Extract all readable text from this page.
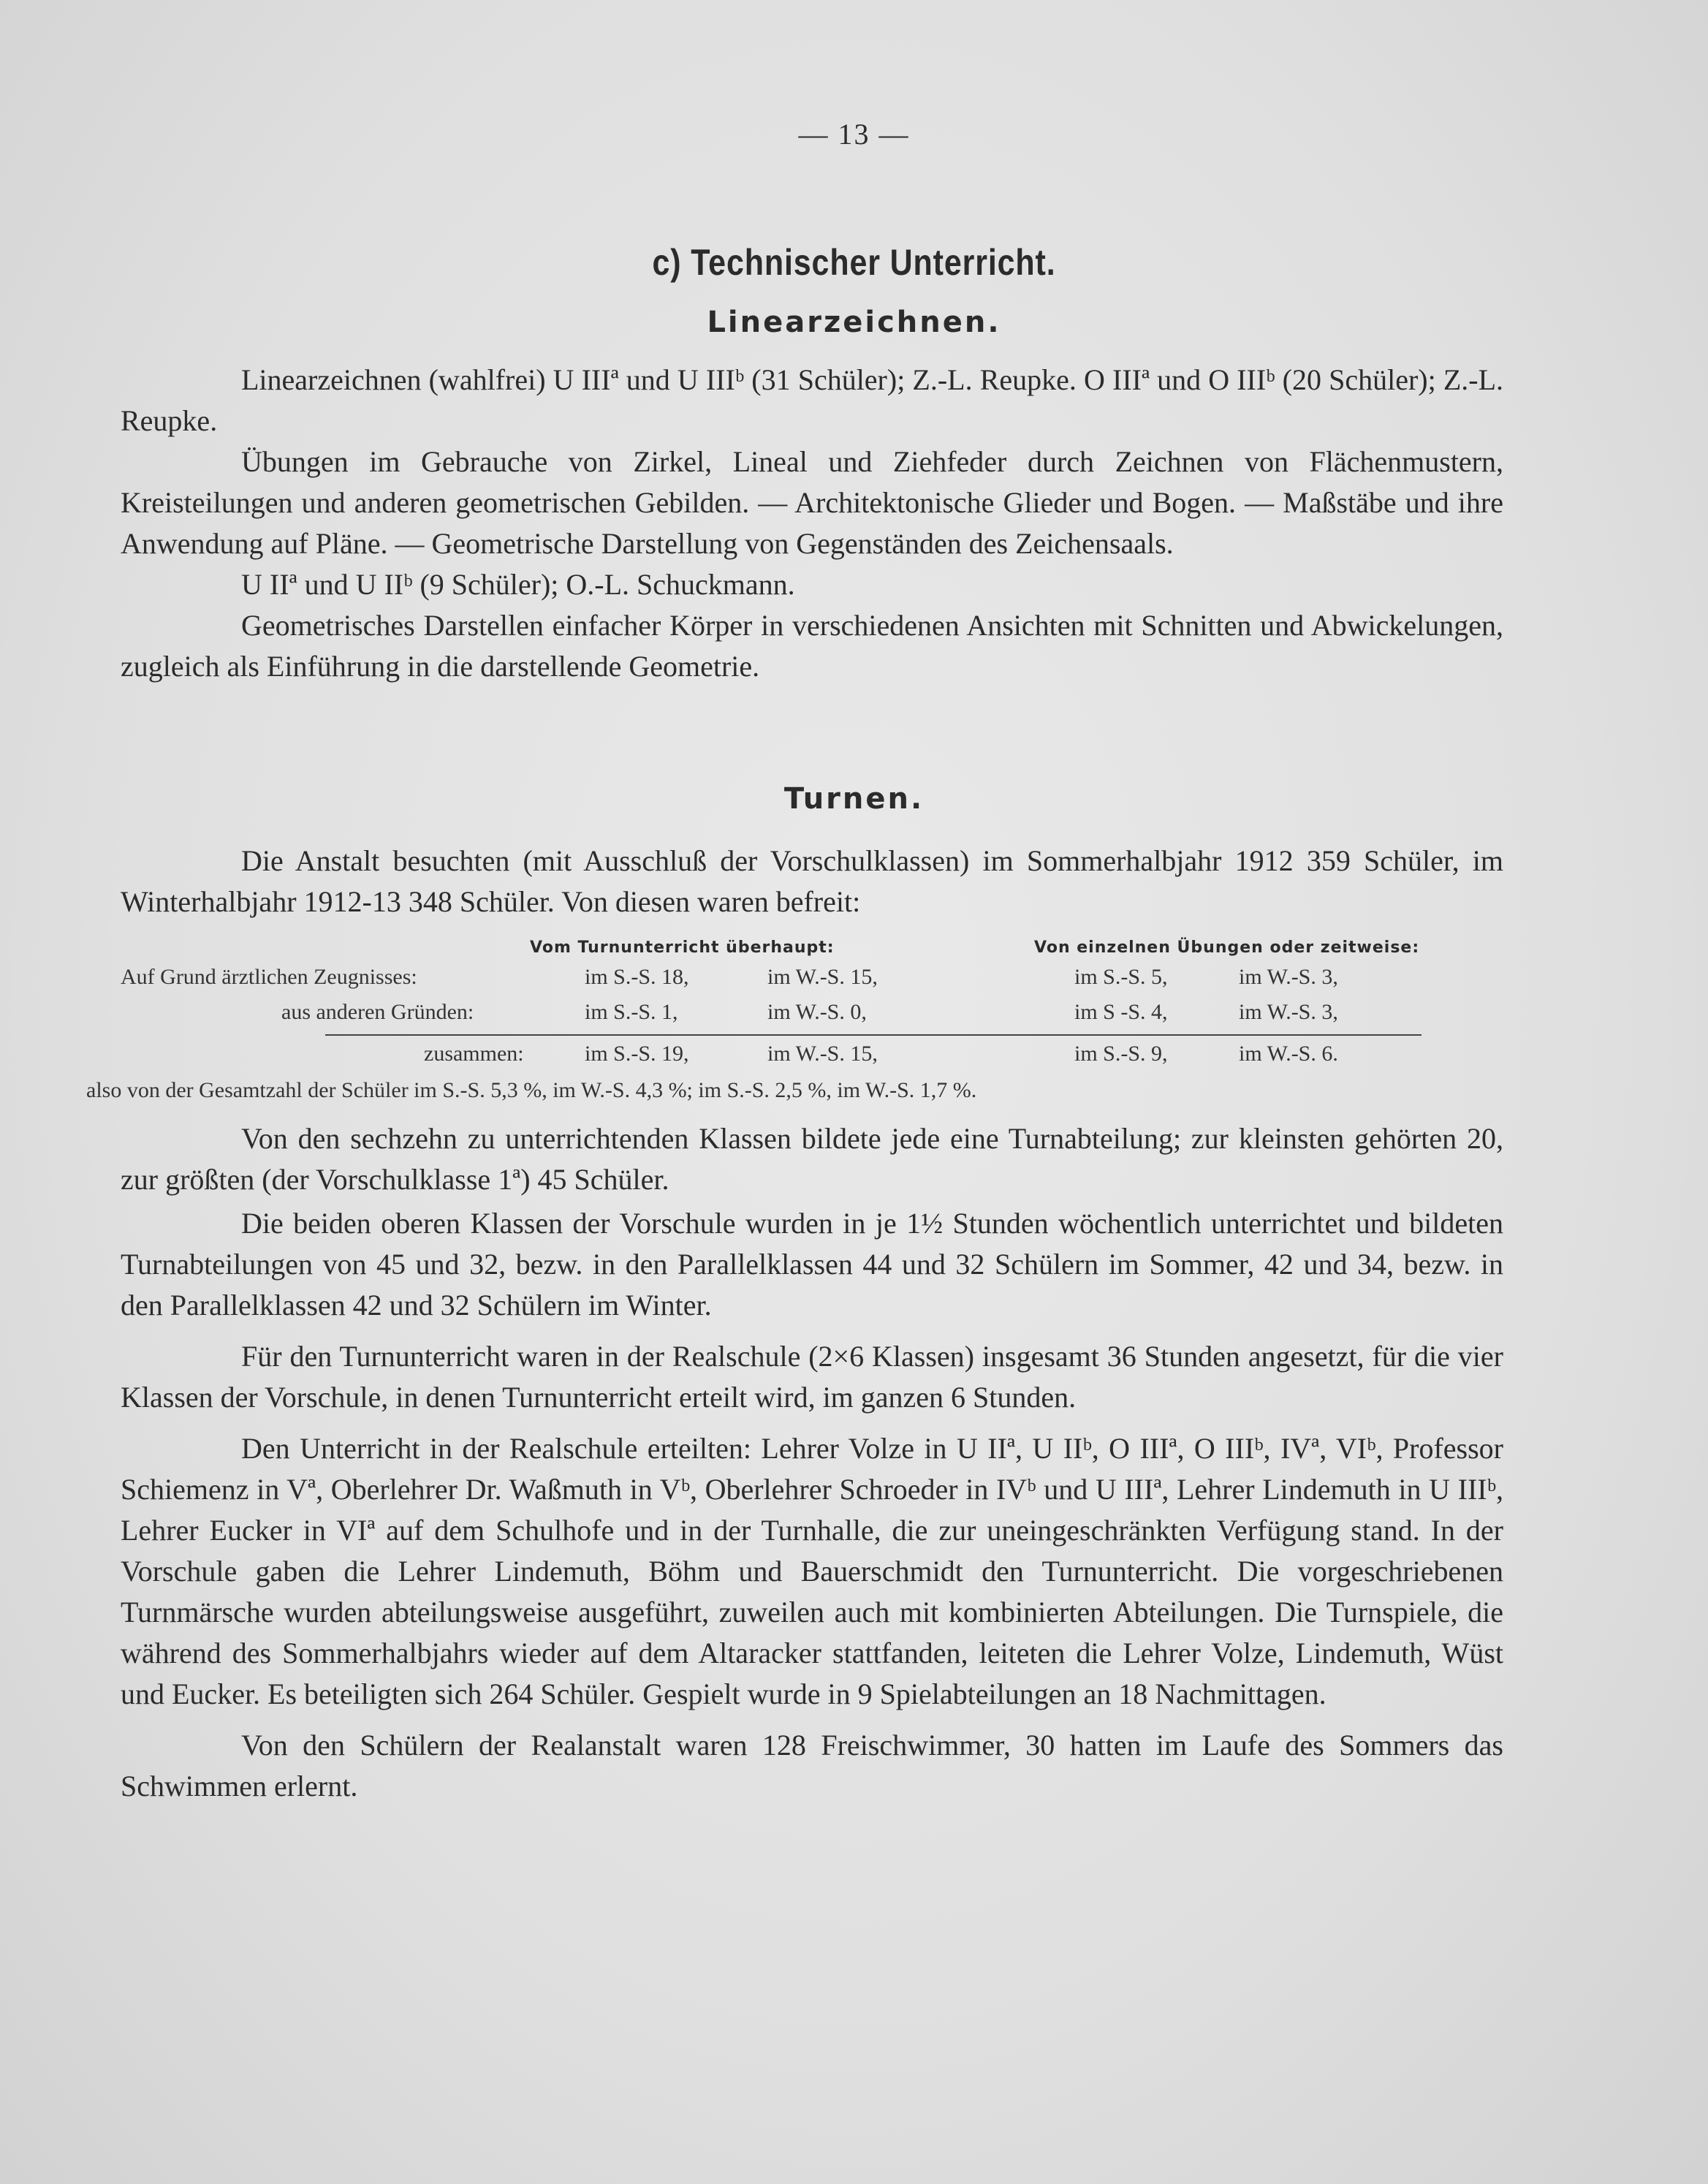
— 13 —
c) Technischer Unterricht.
Linearzeichnen.

Linearzeichnen (wahlfrei) U IIIª und U IIIᵇ (31 Schüler); Z.-L. Reupke. O IIIª und O IIIᵇ (20 Schüler); Z.-L. Reupke.

Übungen im Gebrauche von Zirkel, Lineal und Ziehfeder durch Zeichnen von Flächenmustern, Kreisteilungen und anderen geometrischen Gebilden. — Architektonische Glieder und Bogen. — Maßstäbe und ihre Anwendung auf Pläne. — Geometrische Darstellung von Gegenständen des Zeichensaals.

U IIª und U IIᵇ (9 Schüler); O.-L. Schuckmann.

Geometrisches Darstellen einfacher Körper in verschiedenen Ansichten mit Schnitten und Abwickelungen, zugleich als Einführung in die darstellende Geometrie.

Turnen.

Die Anstalt besuchten (mit Ausschluß der Vorschulklassen) im Sommerhalbjahr 1912 359 Schüler, im Winterhalbjahr 1912-13 348 Schüler. Von diesen waren befreit:

Vom Turnunterricht überhaupt:	Von einzelnen Übungen oder zeitweise:
Auf Grund ärztlichen Zeugnisses:	im S.-S. 18,	im W.-S. 15,	im S.-S. 5,	im W.-S. 3,
aus anderen Gründen:	im S.-S. 1,	im W.-S. 0,	im S -S. 4,	im W.-S. 3,
zusammen:	im S.-S. 19,	im W.-S. 15,	im S.-S. 9,	im W.-S. 6.
also von der Gesamtzahl der Schüler im S.-S. 5,3 %, im W.-S. 4,3 %; im S.-S. 2,5 %, im W.-S. 1,7 %.

Von den sechzehn zu unterrichtenden Klassen bildete jede eine Turnabteilung; zur kleinsten gehörten 20, zur größten (der Vorschulklasse 1ª) 45 Schüler.

Die beiden oberen Klassen der Vorschule wurden in je 1½ Stunden wöchentlich unterrichtet und bildeten Turnabteilungen von 45 und 32, bezw. in den Parallelklassen 44 und 32 Schülern im Sommer, 42 und 34, bezw. in den Parallelklassen 42 und 32 Schülern im Winter.

Für den Turnunterricht waren in der Realschule (2×6 Klassen) insgesamt 36 Stunden angesetzt, für die vier Klassen der Vorschule, in denen Turnunterricht erteilt wird, im ganzen 6 Stunden.

Den Unterricht in der Realschule erteilten: Lehrer Volze in U IIª, U IIᵇ, O IIIª, O IIIᵇ, IVª, VIᵇ, Professor Schiemenz in Vª, Oberlehrer Dr. Waßmuth in Vᵇ, Oberlehrer Schroeder in IVᵇ und U IIIª, Lehrer Lindemuth in U IIIᵇ, Lehrer Eucker in VIª auf dem Schulhofe und in der Turnhalle, die zur uneingeschränkten Verfügung stand. In der Vorschule gaben die Lehrer Lindemuth, Böhm und Bauerschmidt den Turnunterricht. Die vorgeschriebenen Turnmärsche wurden abteilungsweise ausgeführt, zuweilen auch mit kombinierten Abteilungen. Die Turnspiele, die während des Sommerhalbjahrs wieder auf dem Altaracker stattfanden, leiteten die Lehrer Volze, Lindemuth, Wüst und Eucker. Es beteiligten sich 264 Schüler. Gespielt wurde in 9 Spielabteilungen an 18 Nachmittagen.

Von den Schülern der Realanstalt waren 128 Freischwimmer, 30 hatten im Laufe des Sommers das Schwimmen erlernt.
